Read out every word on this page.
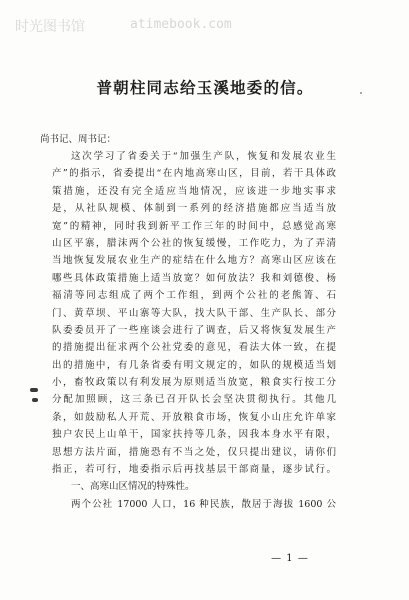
时光图书馆	atimebook.com
普朝柱同志给玉溪地委的信。
尚书记、周书记：
这次学习了省委关于“加强生产队，恢复和发展农业生
产”的指示，省委提出“在内地高寒山区，目前，若干具体政
策措施，还没有完全适应当地情况，应该进一步地实事求
是，从社队规模、体制到一系列的经济措施都应当适当放
宽”的精神，同时我到新平工作三年的时间中，总感觉高寒
山区平寨，腊沫两个公社的恢复缓慢，工作吃力，为了弄清
当地恢复发展农业生产的症结在什么地方？高寒山区应该在
哪些具体政策措施上适当放宽？如何放法？我和刘德俊、杨
福清等同志组成了两个工作组，到两个公社的老熊箐、石
门、黄草坝、平山寨等大队，找大队干部、生产队长、部分
队委委员开了一些座谈会进行了调查，后又将恢复发展生产
的措施提出征求两个公社党委的意见，看法大体一致，在提
出的措施中，有几条省委有明文规定的，如队的规模适当划
小，畜牧政策以有利发展为原则适当放宽，粮食实行按工分
分配加照顾，这三条已召开队长会坚决贯彻执行。其他几
条，如鼓励私人开荒、开放粮食市场，恢复小山庄允许单家
独户农民上山单干，国家扶持等几条，因我本身水平有限，
思想方法片面，措施恐有不当之处，仅只提出建议，请你们
指正，若可行，地委指示后再找基层干部商量，逐步试行。
一、高寒山区情况的特殊性。
两个公社 17000 人口，16 种民族，散居于海拔 1600 公
— 1 —
